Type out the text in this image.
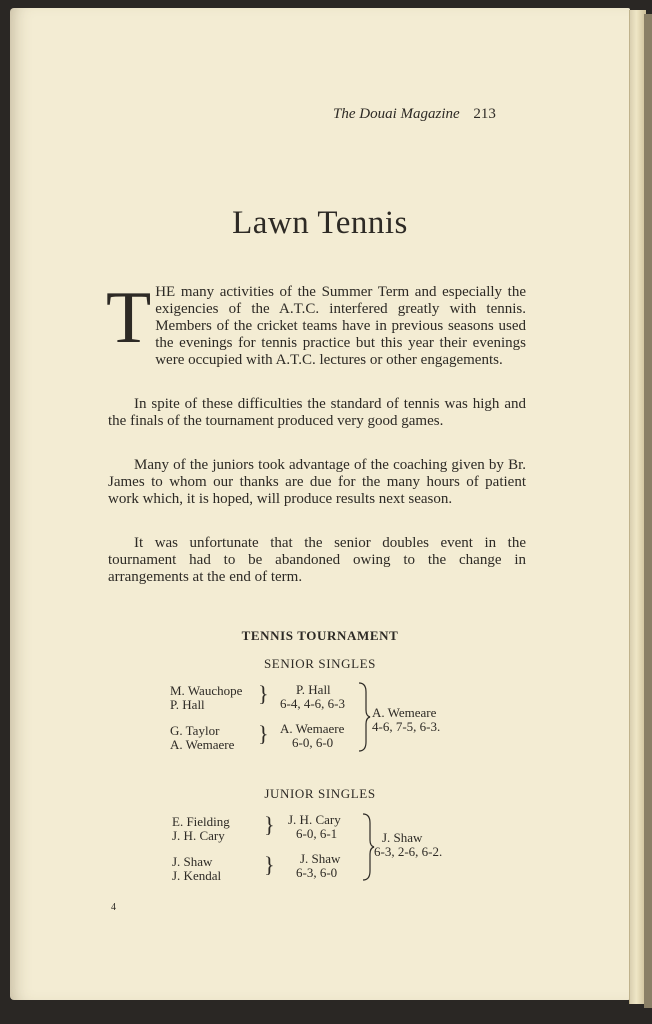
The Douai Magazine 213
Lawn Tennis

THE many activities of the Summer Term and especially the exigencies of the A.T.C. interfered greatly with tennis. Members of the cricket teams have in previous seasons used the evenings for tennis practice but this year their evenings were occupied with A.T.C. lectures or other engagements.

In spite of these difficulties the standard of tennis was high and the finals of the tournament produced very good games.

Many of the juniors took advantage of the coaching given by Br. James to whom our thanks are due for the many hours of patient work which, it is hoped, will produce results next season.

It was unfortunate that the senior doubles event in the tournament had to be abandoned owing to the change in arrangements at the end of term.

TENNIS TOURNAMENT
SENIOR SINGLES
M. Wauchope
P. Hall } P. Hall
6-4, 4-6, 6-3
G. Taylor
A. Wemaere } A. Wemaere
6-0, 6-0
A. Wemeare
4-6, 7-5, 6-3.
JUNIOR SINGLES
E. Fielding
J. H. Cary } J. H. Cary
6-0, 6-1
J. Shaw
J. Kendal } J. Shaw
6-3, 6-0
J. Shaw
6-3, 2-6, 6-2.
4
